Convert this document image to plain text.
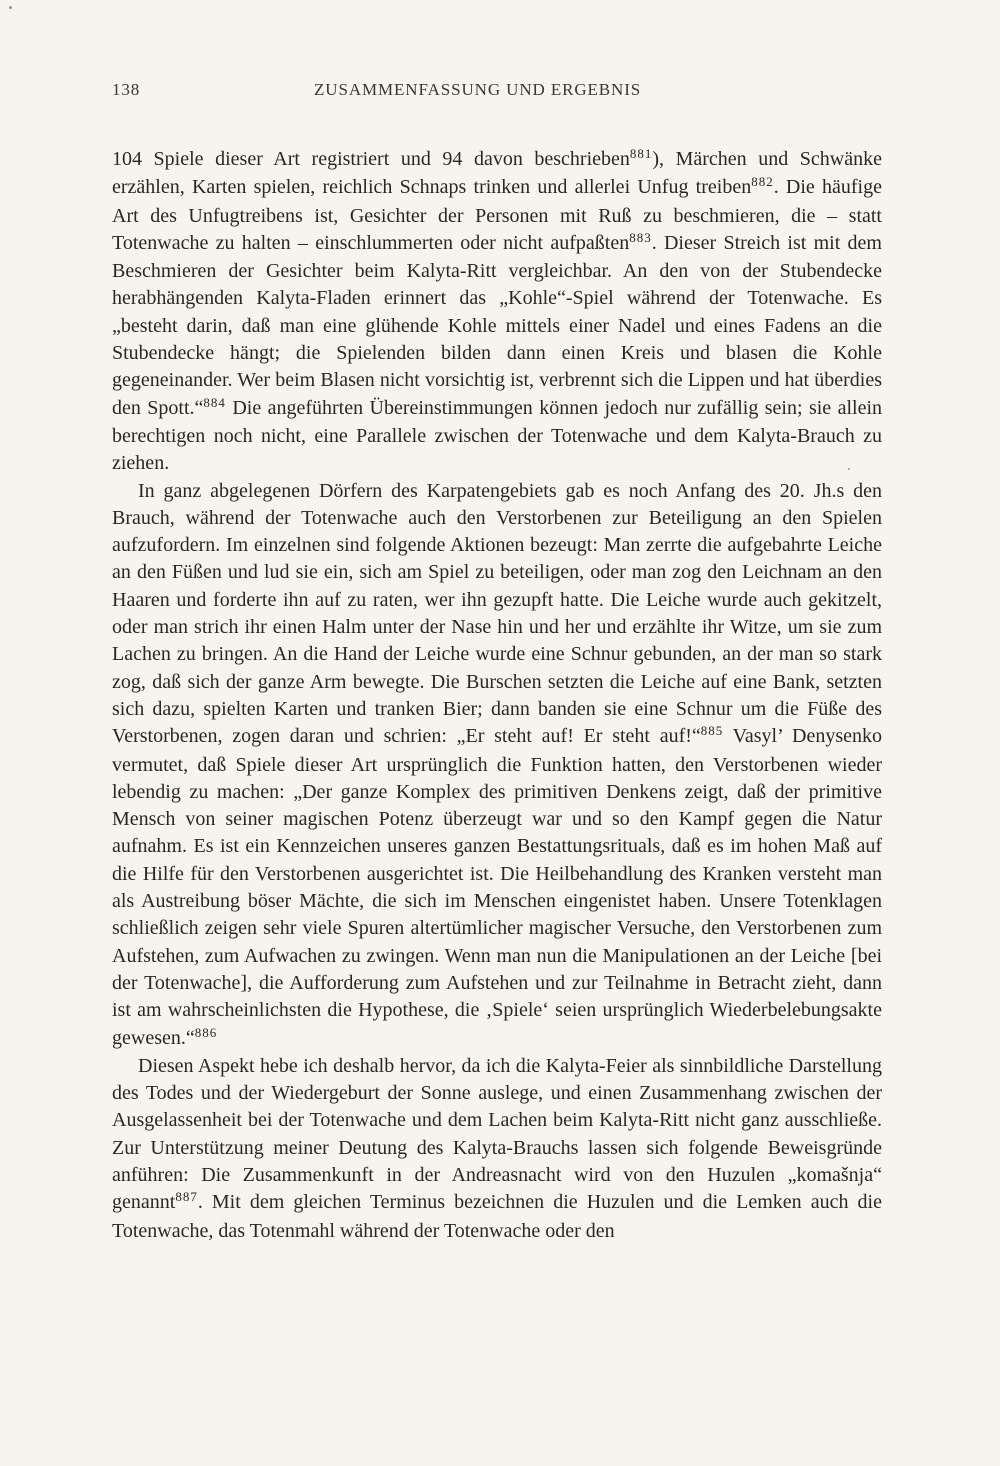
138	ZUSAMMENFASSUNG UND ERGEBNIS

104 Spiele dieser Art registriert und 94 davon beschrieben$^{881}$), Märchen und Schwänke erzählen, Karten spielen, reichlich Schnaps trinken und allerlei Unfug treiben$^{882}$. Die häufige Art des Unfugtreibens ist, Gesichter der Personen mit Ruß zu beschmieren, die – statt Totenwache zu halten – einschlummerten oder nicht aufpaßten$^{883}$. Dieser Streich ist mit dem Beschmieren der Gesichter beim Kalyta-Ritt vergleichbar. An den von der Stubendecke herabhängenden Kalyta-Fladen erinnert das „Kohle“-Spiel während der Totenwache. Es „besteht darin, daß man eine glühende Kohle mittels einer Nadel und eines Fadens an die Stubendecke hängt; die Spielenden bilden dann einen Kreis und blasen die Kohle gegeneinander. Wer beim Blasen nicht vorsichtig ist, verbrennt sich die Lippen und hat überdies den Spott.“$^{884}$ Die angeführten Übereinstimmungen können jedoch nur zufällig sein; sie allein berechtigen noch nicht, eine Parallele zwischen der Totenwache und dem Kalyta-Brauch zu ziehen.

In ganz abgelegenen Dörfern des Karpatengebiets gab es noch Anfang des 20. Jh.s den Brauch, während der Totenwache auch den Verstorbenen zur Beteiligung an den Spielen aufzufordern. Im einzelnen sind folgende Aktionen bezeugt: Man zerrte die aufgebahrte Leiche an den Füßen und lud sie ein, sich am Spiel zu beteiligen, oder man zog den Leichnam an den Haaren und forderte ihn auf zu raten, wer ihn gezupft hatte. Die Leiche wurde auch gekitzelt, oder man strich ihr einen Halm unter der Nase hin und her und erzählte ihr Witze, um sie zum Lachen zu bringen. An die Hand der Leiche wurde eine Schnur gebunden, an der man so stark zog, daß sich der ganze Arm bewegte. Die Burschen setzten die Leiche auf eine Bank, setzten sich dazu, spielten Karten und tranken Bier; dann banden sie eine Schnur um die Füße des Verstorbenen, zogen daran und schrien: „Er steht auf! Er steht auf!“$^{885}$ Vasyl’ Denysenko vermutet, daß Spiele dieser Art ursprünglich die Funktion hatten, den Verstorbenen wieder lebendig zu machen: „Der ganze Komplex des primitiven Denkens zeigt, daß der primitive Mensch von seiner magischen Potenz überzeugt war und so den Kampf gegen die Natur aufnahm. Es ist ein Kennzeichen unseres ganzen Bestattungsrituals, daß es im hohen Maß auf die Hilfe für den Verstorbenen ausgerichtet ist. Die Heilbehandlung des Kranken versteht man als Austreibung böser Mächte, die sich im Menschen eingenistet haben. Unsere Totenklagen schließlich zeigen sehr viele Spuren altertümlicher magischer Versuche, den Verstorbenen zum Aufstehen, zum Aufwachen zu zwingen. Wenn man nun die Manipulationen an der Leiche [bei der Totenwache], die Aufforderung zum Aufstehen und zur Teilnahme in Betracht zieht, dann ist am wahrscheinlichsten die Hypothese, die ‚Spiele‘ seien ursprünglich Wiederbelebungsakte gewesen.“$^{886}$

Diesen Aspekt hebe ich deshalb hervor, da ich die Kalyta-Feier als sinnbildliche Darstellung des Todes und der Wiedergeburt der Sonne auslege, und einen Zusammenhang zwischen der Ausgelassenheit bei der Totenwache und dem Lachen beim Kalyta-Ritt nicht ganz ausschließe. Zur Unterstützung meiner Deutung des Kalyta-Brauchs lassen sich folgende Beweisgründe anführen: Die Zusammenkunft in der Andreasnacht wird von den Huzulen „komašnja“ genannt$^{887}$. Mit dem gleichen Terminus bezeichnen die Huzulen und die Lemken auch die Totenwache, das Totenmahl während der Totenwache oder den
